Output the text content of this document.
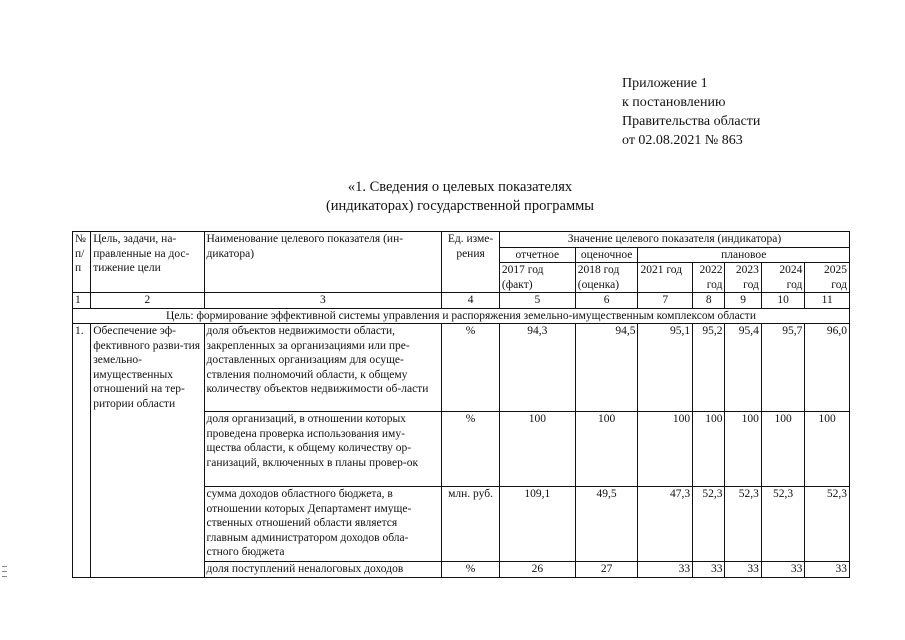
Приложение 1
к постановлению
Правительства области
от 02.08.2021 № 863
«1. Сведения о целевых показателях
(индикаторах) государственной программы
№ п/п	Цель, задачи, на-правленные на дос-тижение цели	Наименование целевого показателя (ин-дикатора)	Ед. изме-рения	Значение целевого показателя (индикатора)						
				отчетное	оценочное	плановое				
				2017 год (факт)	2018 год (оценка)	2021 год	2022 год	2023 год	2024 год	2025 год
1	2	3	4	5	6	7	8	9	10	11
Цель: формирование эффективной системы управления и распоряжения земельно-имущественным комплексом области										
1.	Обеспечение эф-фективного разви-тия земельно-имущественных отношений на тер-ритории области	доля объектов недвижимости области, закрепленных за организациями или пре-доставленных организациям для осуще-ствления полномочий области, к общему количеству объектов недвижимости об-ласти	%	94,3	94,5	95,1	95,2	95,4	95,7	96,0
		доля организаций, в отношении которых проведена проверка использования иму-щества области, к общему количеству ор-ганизаций, включенных в планы провер-ок	%	100	100	100	100	100	100	100
		сумма доходов областного бюджета, в отношении которых Департамент имуще-ственных отношений области является главным администратором доходов обла-стного бюджета	млн. руб.	109,1	49,5	47,3	52,3	52,3	52,3	52,3
		доля поступлений неналоговых доходов	%	26	27	33	33	33	33	33
